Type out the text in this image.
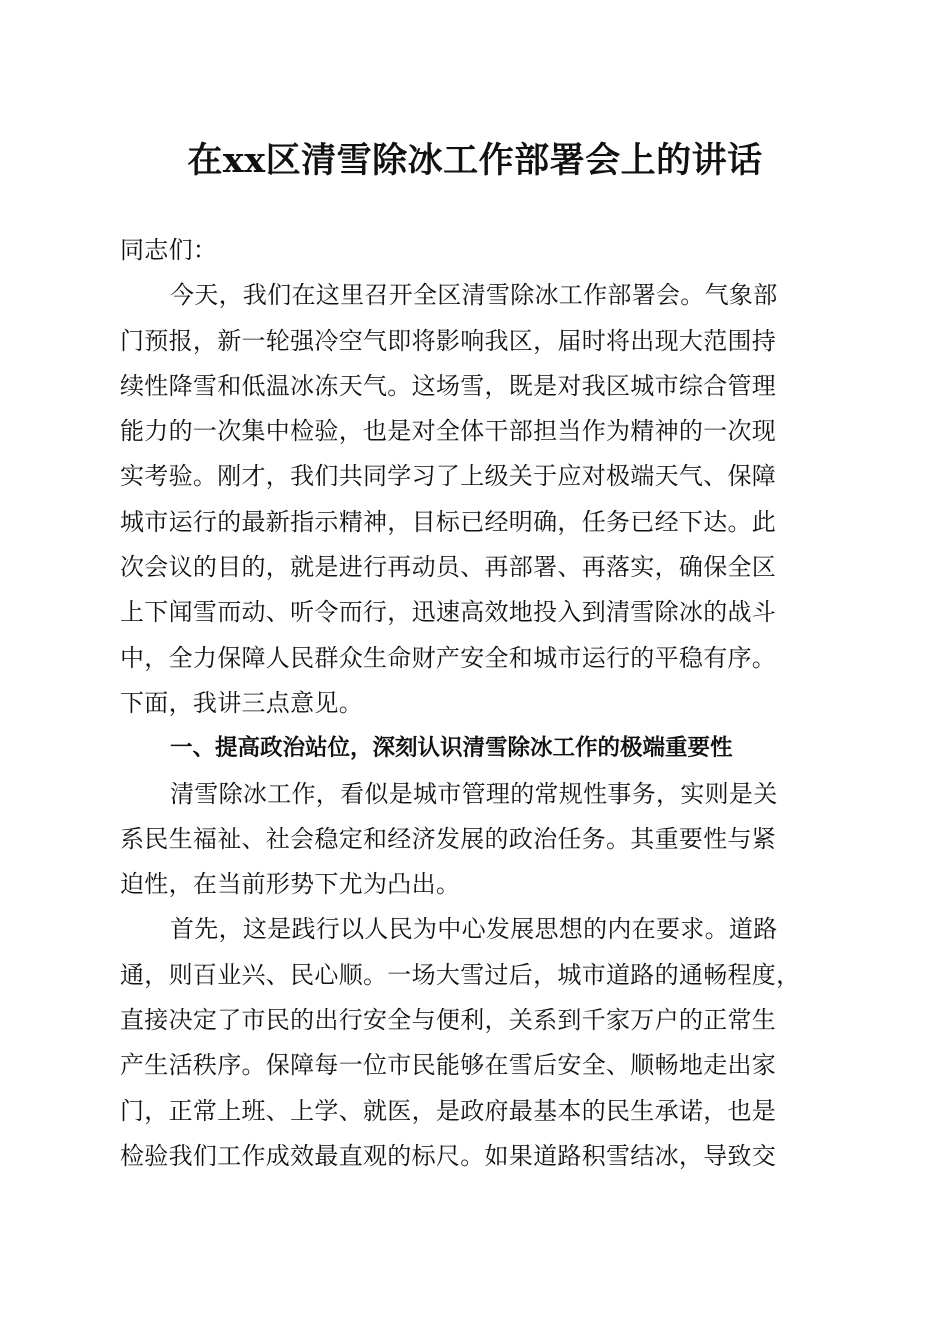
在xx区清雪除冰工作部署会上的讲话
同志们：
今天，我们在这里召开全区清雪除冰工作部署会。气象部
门预报，新一轮强冷空气即将影响我区，届时将出现大范围持
续性降雪和低温冰冻天气。这场雪，既是对我区城市综合管理
能力的一次集中检验，也是对全体干部担当作为精神的一次现
实考验。刚才，我们共同学习了上级关于应对极端天气、保障
城市运行的最新指示精神，目标已经明确，任务已经下达。此
次会议的目的，就是进行再动员、再部署、再落实，确保全区
上下闻雪而动、听令而行，迅速高效地投入到清雪除冰的战斗
中，全力保障人民群众生命财产安全和城市运行的平稳有序。
下面，我讲三点意见。
一、提高政治站位，深刻认识清雪除冰工作的极端重要性
清雪除冰工作，看似是城市管理的常规性事务，实则是关
系民生福祉、社会稳定和经济发展的政治任务。其重要性与紧
迫性，在当前形势下尤为凸出。
首先，这是践行以人民为中心发展思想的内在要求。道路
通，则百业兴、民心顺。一场大雪过后，城市道路的通畅程度，
直接决定了市民的出行安全与便利，关系到千家万户的正常生
产生活秩序。保障每一位市民能够在雪后安全、顺畅地走出家
门，正常上班、上学、就医，是政府最基本的民生承诺，也是
检验我们工作成效最直观的标尺。如果道路积雪结冰，导致交
